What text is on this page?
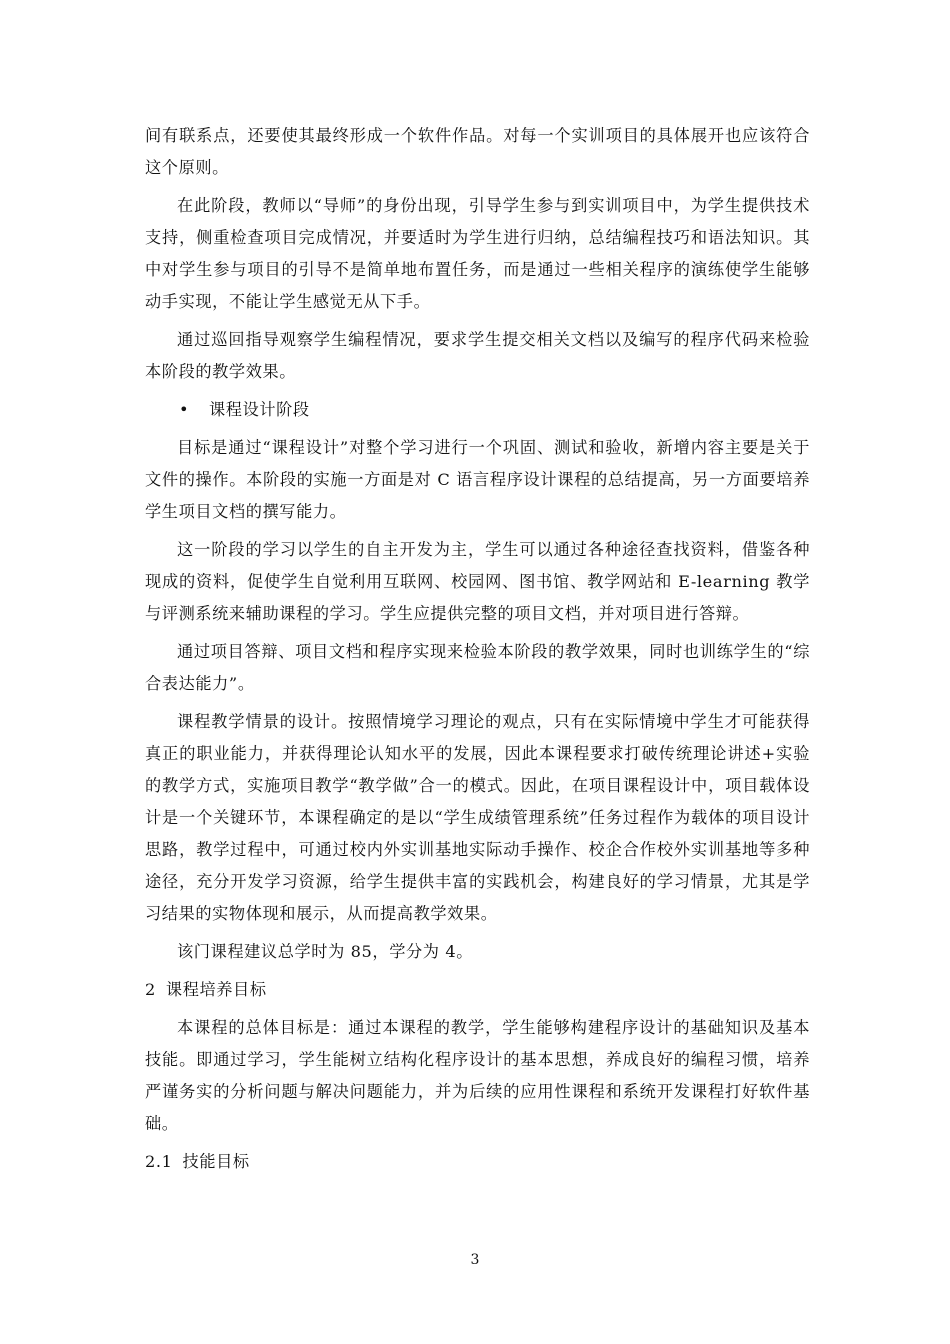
间有联系点，还要使其最终形成一个软件作品。对每一个实训项目的具体展开也应该符合这个原则。

在此阶段，教师以“导师”的身份出现，引导学生参与到实训项目中，为学生提供技术支持，侧重检查项目完成情况，并要适时为学生进行归纳，总结编程技巧和语法知识。其中对学生参与项目的引导不是简单地布置任务，而是通过一些相关程序的演练使学生能够动手实现，不能让学生感觉无从下手。

通过巡回指导观察学生编程情况，要求学生提交相关文档以及编写的程序代码来检验本阶段的教学效果。

• 课程设计阶段

目标是通过“课程设计”对整个学习进行一个巩固、测试和验收，新增内容主要是关于文件的操作。本阶段的实施一方面是对 C 语言程序设计课程的总结提高，另一方面要培养学生项目文档的撰写能力。

这一阶段的学习以学生的自主开发为主，学生可以通过各种途径查找资料，借鉴各种现成的资料，促使学生自觉利用互联网、校园网、图书馆、教学网站和 E-learning 教学与评测系统来辅助课程的学习。学生应提供完整的项目文档，并对项目进行答辩。

通过项目答辩、项目文档和程序实现来检验本阶段的教学效果，同时也训练学生的“综合表达能力”。

课程教学情景的设计。按照情境学习理论的观点，只有在实际情境中学生才可能获得真正的职业能力，并获得理论认知水平的发展，因此本课程要求打破传统理论讲述+实验的教学方式，实施项目教学“教学做”合一的模式。因此，在项目课程设计中，项目载体设计是一个关键环节，本课程确定的是以“学生成绩管理系统”任务过程作为载体的项目设计思路，教学过程中，可通过校内外实训基地实际动手操作、校企合作校外实训基地等多种途径，充分开发学习资源，给学生提供丰富的实践机会，构建良好的学习情景，尤其是学习结果的实物体现和展示，从而提高教学效果。

该门课程建议总学时为 85，学分为 4。

2 课程培养目标

本课程的总体目标是：通过本课程的教学，学生能够构建程序设计的基础知识及基本技能。即通过学习，学生能树立结构化程序设计的基本思想，养成良好的编程习惯，培养严谨务实的分析问题与解决问题能力，并为后续的应用性课程和系统开发课程打好软件基础。

2.1 技能目标
3
